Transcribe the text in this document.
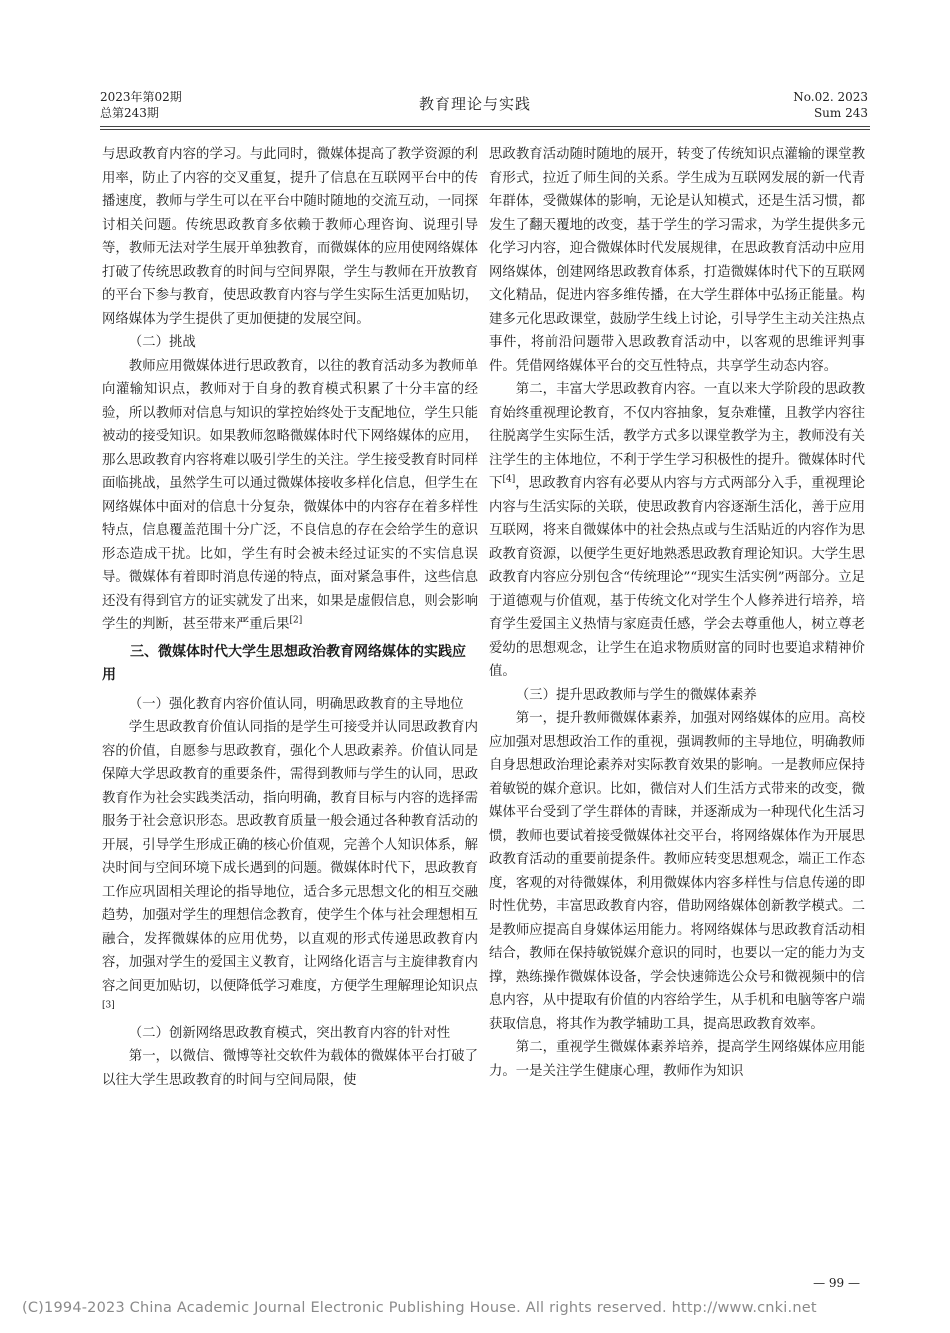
2023年第02期
总第243期	教育理论与实践	No.02. 2023
Sum 243

与思政教育内容的学习。与此同时，微媒体提高了教学资源的利用率，防止了内容的交叉重复，提升了信息在互联网平台中的传播速度，教师与学生可以在平台中随时随地的交流互动，一同探讨相关问题。传统思政教育多依赖于教师心理咨询、说理引导等，教师无法对学生展开单独教育，而微媒体的应用使网络媒体打破了传统思政教育的时间与空间界限，学生与教师在开放教育的平台下参与教育，使思政教育内容与学生实际生活更加贴切，网络媒体为学生提供了更加便捷的发展空间。

（二）挑战

教师应用微媒体进行思政教育，以往的教育活动多为教师单向灌输知识点，教师对于自身的教育模式积累了十分丰富的经验，所以教师对信息与知识的掌控始终处于支配地位，学生只能被动的接受知识。如果教师忽略微媒体时代下网络媒体的应用，那么思政教育内容将难以吸引学生的关注。学生接受教育时同样面临挑战，虽然学生可以通过微媒体接收多样化信息，但学生在网络媒体中面对的信息十分复杂，微媒体中的内容存在着多样性特点，信息覆盖范围十分广泛，不良信息的存在会给学生的意识形态造成干扰。比如，学生有时会被未经过证实的不实信息误导。微媒体有着即时消息传递的特点，面对紧急事件，这些信息还没有得到官方的证实就发了出来，如果是虚假信息，则会影响学生的判断，甚至带来严重后果[2]

三、微媒体时代大学生思想政治教育网络媒体的实践应用

（一）强化教育内容价值认同，明确思政教育的主导地位

学生思政教育价值认同指的是学生可接受并认同思政教育内容的价值，自愿参与思政教育，强化个人思政素养。价值认同是保障大学思政教育的重要条件，需得到教师与学生的认同，思政教育作为社会实践类活动，指向明确，教育目标与内容的选择需服务于社会意识形态。思政教育质量一般会通过各种教育活动的开展，引导学生形成正确的核心价值观，完善个人知识体系，解决时间与空间环境下成长遇到的问题。微媒体时代下，思政教育工作应巩固相关理论的指导地位，适合多元思想文化的相互交融趋势，加强对学生的理想信念教育，使学生个体与社会理想相互融合，发挥微媒体的应用优势，以直观的形式传递思政教育内容，加强对学生的爱国主义教育，让网络化语言与主旋律教育内容之间更加贴切，以便降低学习难度，方便学生理解理论知识点[3]

（二）创新网络思政教育模式，突出教育内容的针对性

第一，以微信、微博等社交软件为载体的微媒体平台打破了以往大学生思政教育的时间与空间局限，使

思政教育活动随时随地的展开，转变了传统知识点灌输的课堂教育形式，拉近了师生间的关系。学生成为互联网发展的新一代青年群体，受微媒体的影响，无论是认知模式，还是生活习惯，都发生了翻天覆地的改变，基于学生的学习需求，为学生提供多元化学习内容，迎合微媒体时代发展规律，在思政教育活动中应用网络媒体，创建网络思政教育体系，打造微媒体时代下的互联网文化精品，促进内容多维传播，在大学生群体中弘扬正能量。构建多元化思政课堂，鼓励学生线上讨论，引导学生主动关注热点事件，将前沿问题带入思政教育活动中，以客观的思维评判事件。凭借网络媒体平台的交互性特点，共享学生动态内容。

第二，丰富大学思政教育内容。一直以来大学阶段的思政教育始终重视理论教育，不仅内容抽象，复杂难懂，且教学内容往往脱离学生实际生活，教学方式多以课堂教学为主，教师没有关注学生的主体地位，不利于学生学习积极性的提升。微媒体时代下[4]，思政教育内容有必要从内容与方式两部分入手，重视理论内容与生活实际的关联，使思政教育内容逐渐生活化，善于应用互联网，将来自微媒体中的社会热点或与生活贴近的内容作为思政教育资源，以便学生更好地熟悉思政教育理论知识。大学生思政教育内容应分别包含“传统理论”“现实生活实例”两部分。立足于道德观与价值观，基于传统文化对学生个人修养进行培养，培育学生爱国主义热情与家庭责任感，学会去尊重他人，树立尊老爱幼的思想观念，让学生在追求物质财富的同时也要追求精神价值。

（三）提升思政教师与学生的微媒体素养

第一，提升教师微媒体素养，加强对网络媒体的应用。高校应加强对思想政治工作的重视，强调教师的主导地位，明确教师自身思想政治理论素养对实际教育效果的影响。一是教师应保持着敏锐的媒介意识。比如，微信对人们生活方式带来的改变，微媒体平台受到了学生群体的青睐，并逐渐成为一种现代化生活习惯，教师也要试着接受微媒体社交平台，将网络媒体作为开展思政教育活动的重要前提条件。教师应转变思想观念，端正工作态度，客观的对待微媒体，利用微媒体内容多样性与信息传递的即时性优势，丰富思政教育内容，借助网络媒体创新教学模式。二是教师应提高自身媒体运用能力。将网络媒体与思政教育活动相结合，教师在保持敏锐媒介意识的同时，也要以一定的能力为支撑，熟练操作微媒体设备，学会快速筛选公众号和微视频中的信息内容，从中提取有价值的内容给学生，从手机和电脑等客户端获取信息，将其作为教学辅助工具，提高思政教育效率。

第二，重视学生微媒体素养培养，提高学生网络媒体应用能力。一是关注学生健康心理，教师作为知识

— 99 —
(C)1994-2023 China Academic Journal Electronic Publishing House. All rights reserved. http://www.cnki.net
